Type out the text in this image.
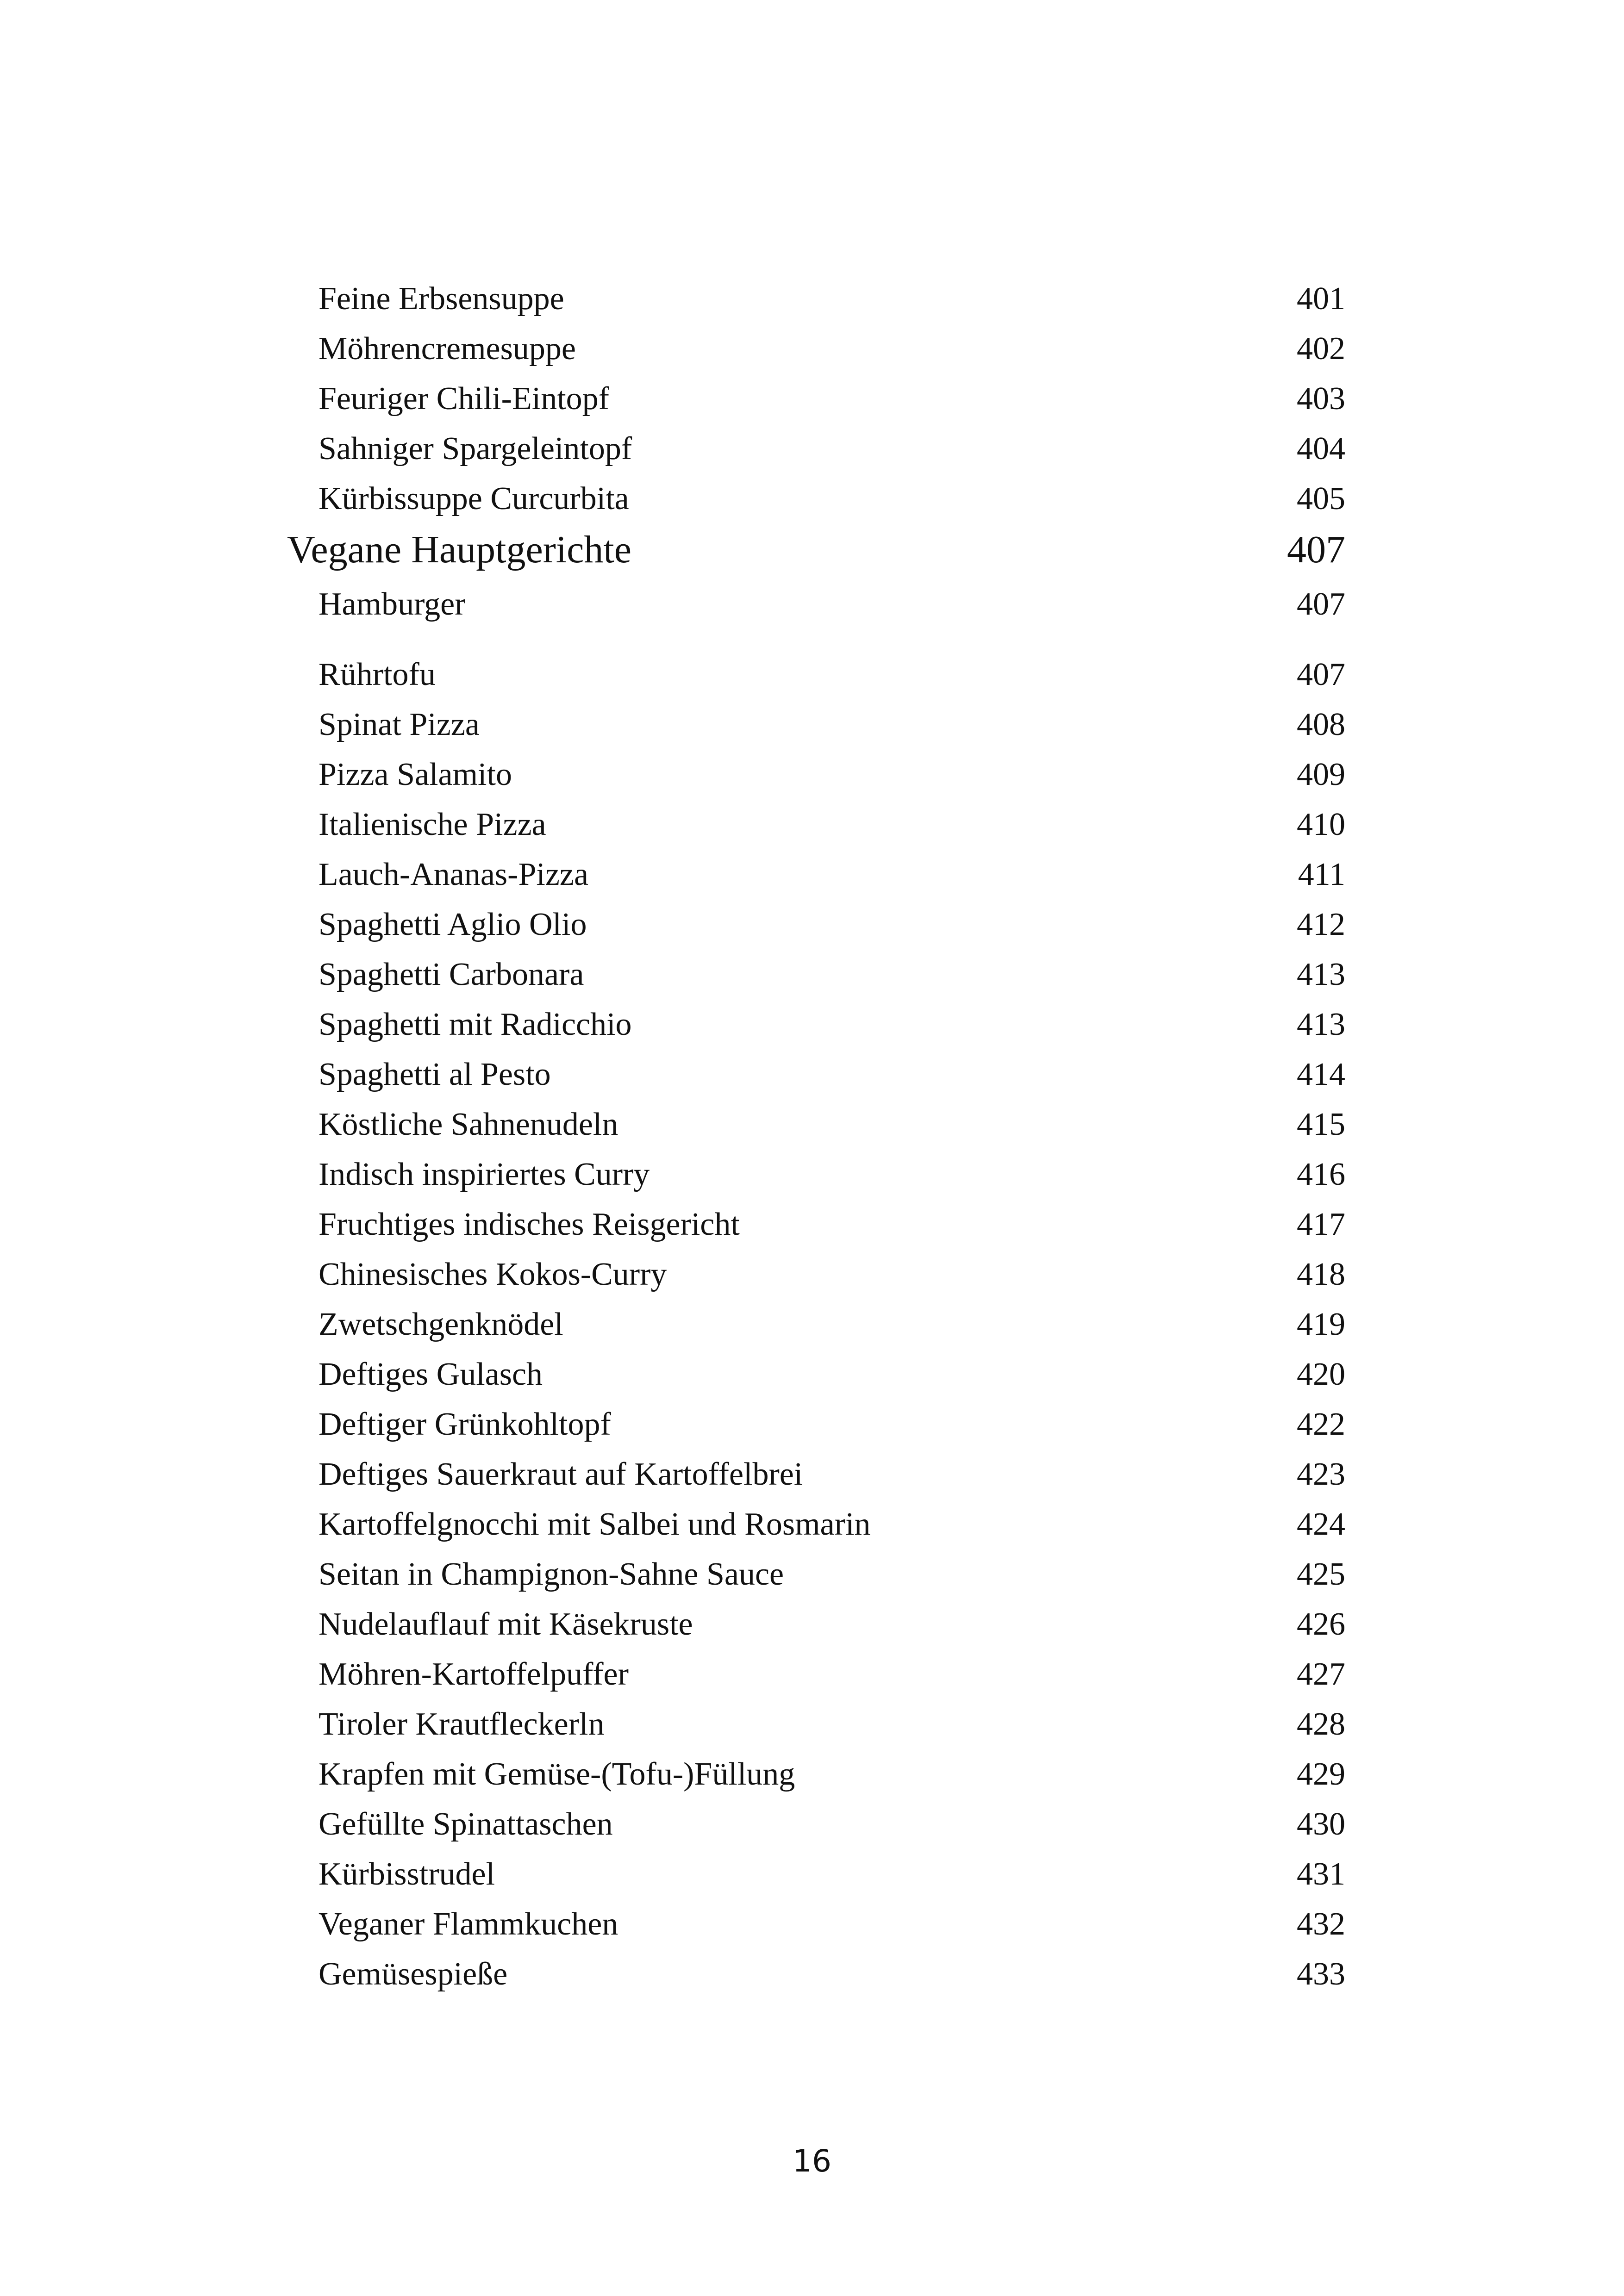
Feine Erbsensuppe	401
Möhrencremesuppe	402
Feuriger Chili-Eintopf	403
Sahniger Spargeleintopf	404
Kürbissuppe Curcurbita	405
Vegane Hauptgerichte	407
Hamburger	407
Rührtofu	407
Spinat Pizza	408
Pizza Salamito	409
Italienische Pizza	410
Lauch-Ananas-Pizza	411
Spaghetti Aglio Olio	412
Spaghetti Carbonara	413
Spaghetti mit Radicchio	413
Spaghetti al Pesto	414
Köstliche Sahnenudeln	415
Indisch inspiriertes Curry	416
Fruchtiges indisches Reisgericht	417
Chinesisches Kokos-Curry	418
Zwetschgenknödel	419
Deftiges Gulasch	420
Deftiger Grünkohltopf	422
Deftiges Sauerkraut auf Kartoffelbrei	423
Kartoffelgnocchi mit Salbei und Rosmarin	424
Seitan in Champignon-Sahne Sauce	425
Nudelauflauf mit Käsekruste	426
Möhren-Kartoffelpuffer	427
Tiroler Krautfleckerln	428
Krapfen mit Gemüse-(Tofu-)Füllung	429
Gefüllte Spinattaschen	430
Kürbisstrudel	431
Veganer Flammkuchen	432
Gemüsespieße	433
16
